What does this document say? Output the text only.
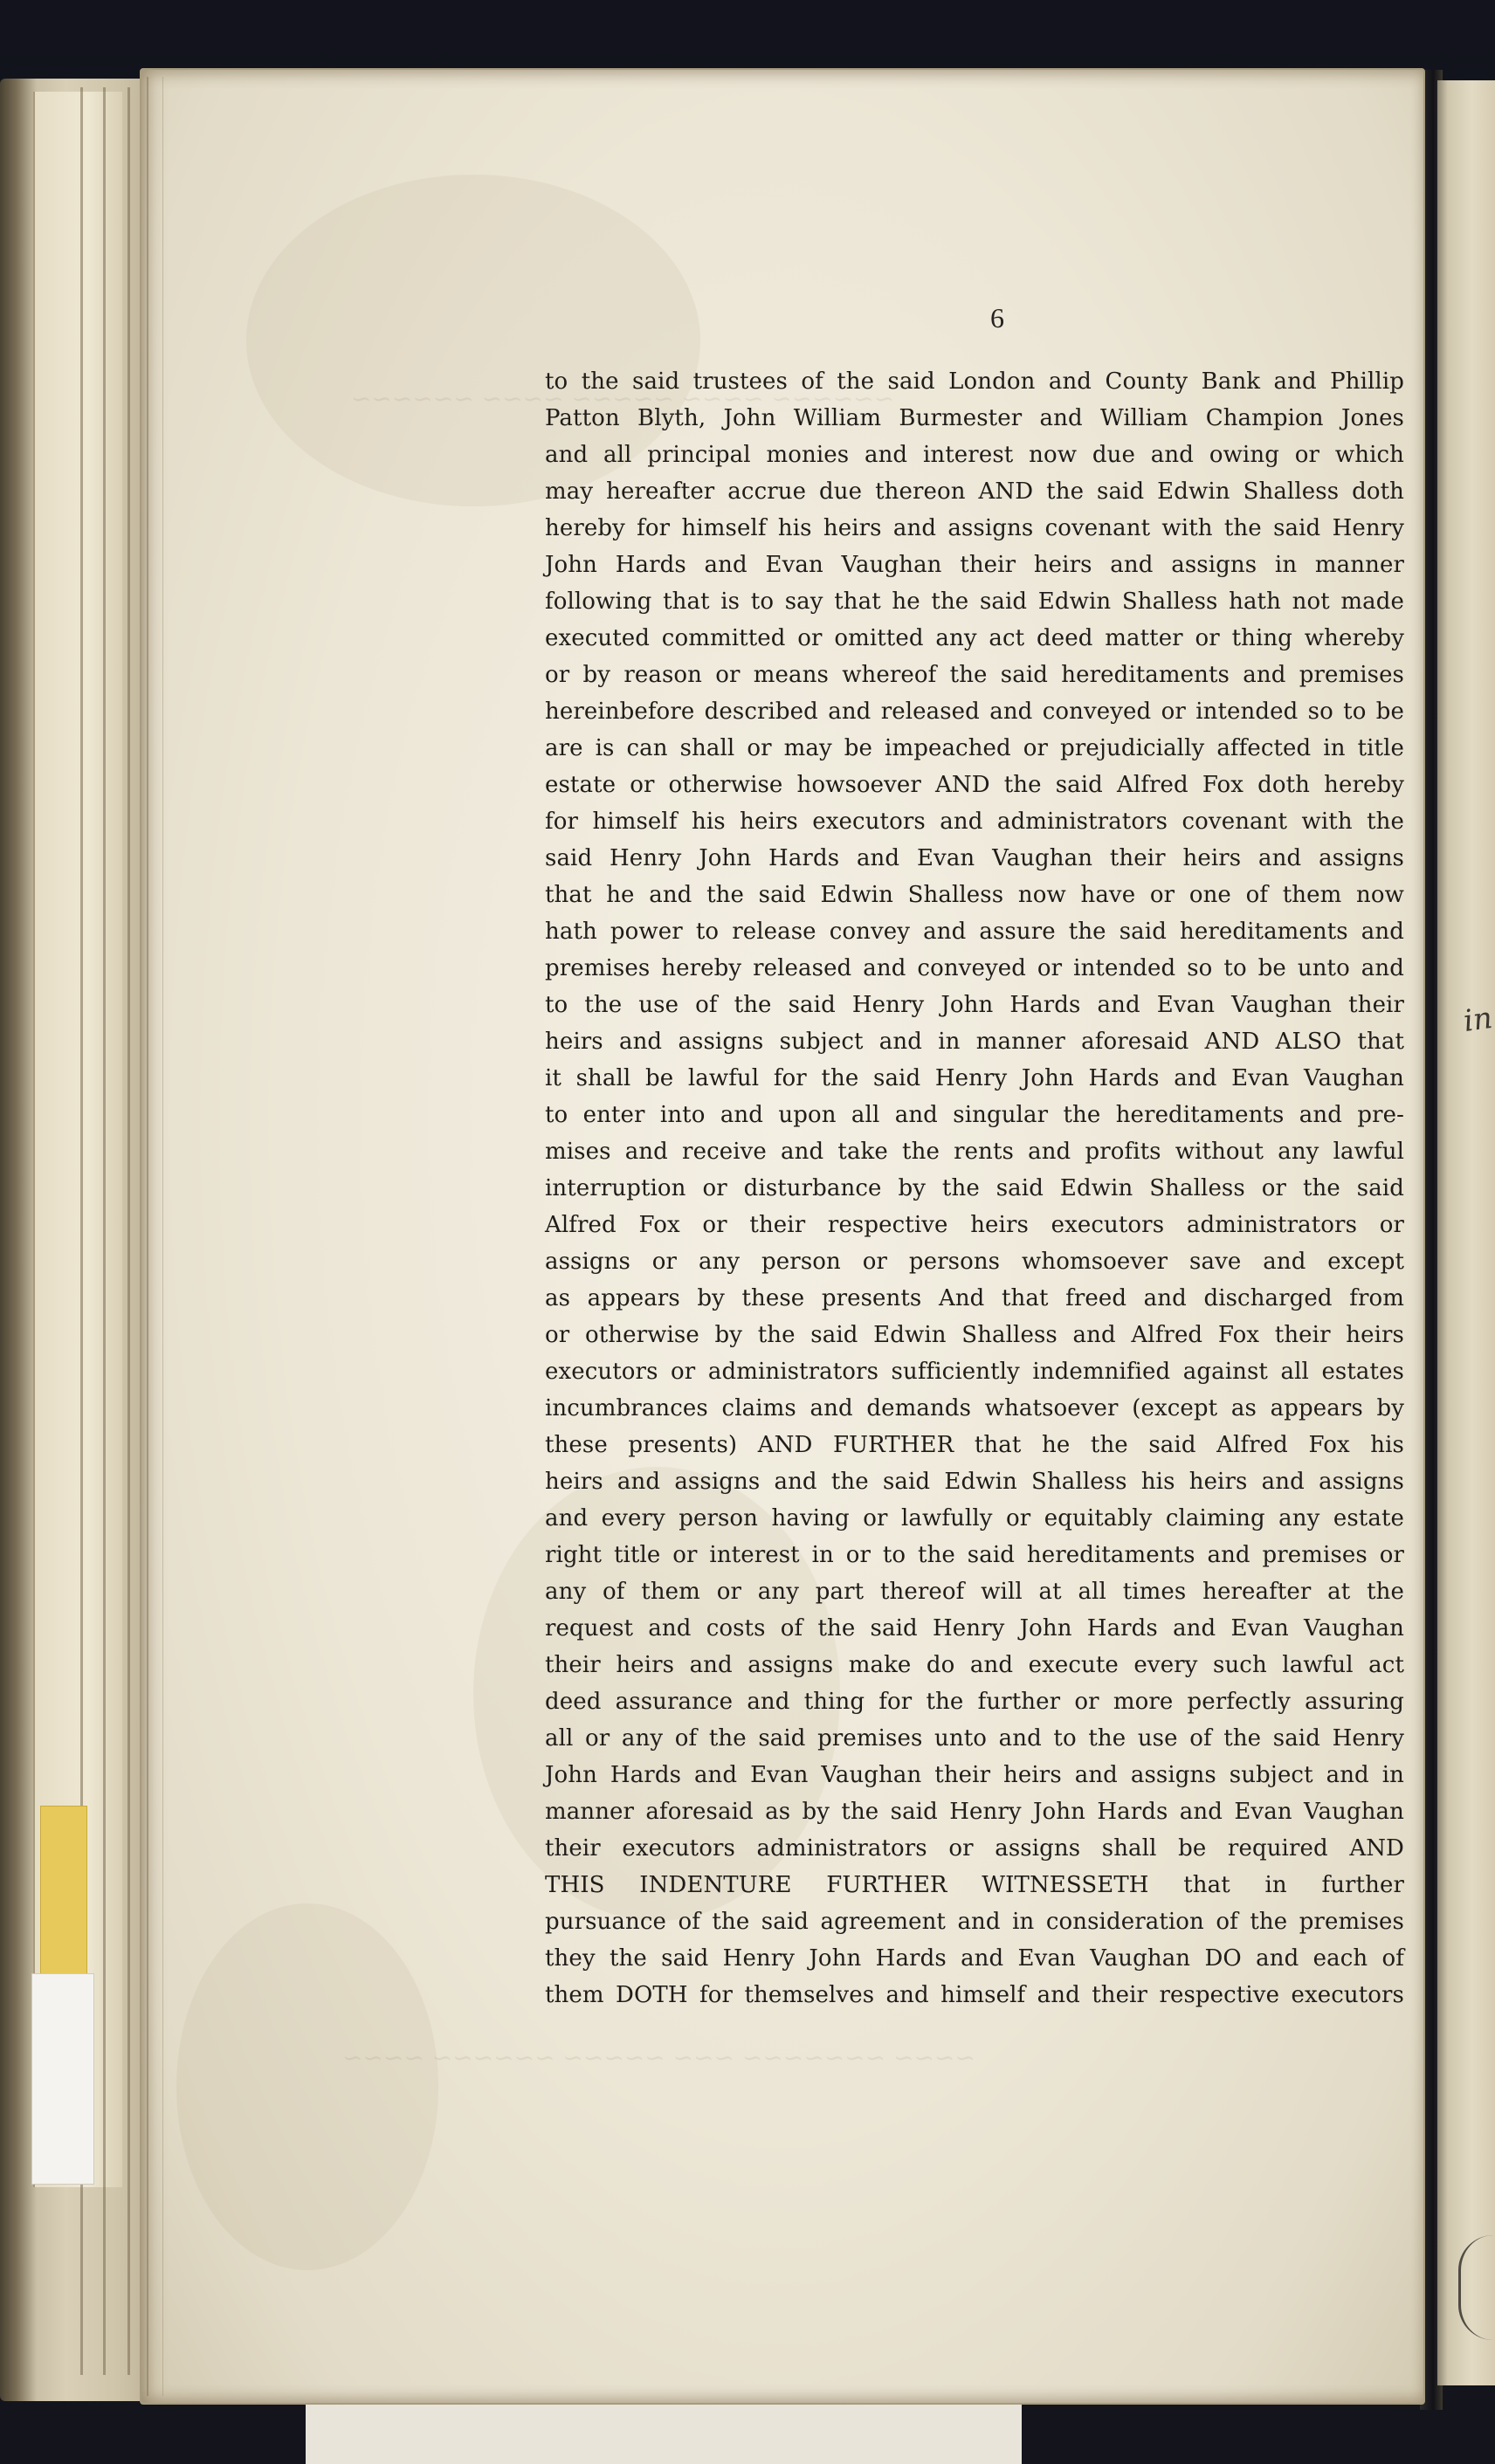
in
~~~~~~ ~~~~ ~~~~~ ~~~~ ~~~~~~
~~~~ ~~~~~~~ ~~~ ~~~~~ ~~~~~~ ~~~~
6
to the said trustees of the said London and County Bank and Phillip
Patton Blyth, John William Burmester and William Champion Jones
and all principal monies and interest now due and owing or which
may hereafter accrue due thereon AND the said Edwin Shalless doth
hereby for himself his heirs and assigns covenant with the said Henry
John Hards and Evan Vaughan their heirs and assigns in manner
following that is to say that he the said Edwin Shalless hath not made
executed committed or omitted any act deed matter or thing whereby
or by reason or means whereof the said hereditaments and premises
hereinbefore described and released and conveyed or intended so to be
are is can shall or may be impeached or prejudicially affected in title
estate or otherwise howsoever AND the said Alfred Fox doth hereby
for himself his heirs executors and administrators covenant with the
said Henry John Hards and Evan Vaughan their heirs and assigns
that he and the said Edwin Shalless now have or one of them now
hath power to release convey and assure the said hereditaments and
premises hereby released and conveyed or intended so to be unto and
to the use of the said Henry John Hards and Evan Vaughan their
heirs and assigns subject and in manner aforesaid AND ALSO that
it shall be lawful for the said Henry John Hards and Evan Vaughan
to enter into and upon all and singular the hereditaments and pre-
mises and receive and take the rents and profits without any lawful
interruption or disturbance by the said Edwin Shalless or the said
Alfred Fox or their respective heirs executors administrators or
assigns or any person or persons whomsoever save and except
as appears by these presents And that freed and discharged from
or otherwise by the said Edwin Shalless and Alfred Fox their heirs
executors or administrators sufficiently indemnified against all estates
incumbrances claims and demands whatsoever (except as appears by
these presents) AND FURTHER that he the said Alfred Fox his
heirs and assigns and the said Edwin Shalless his heirs and assigns
and every person having or lawfully or equitably claiming any estate
right title or interest in or to the said hereditaments and premises or
any of them or any part thereof will at all times hereafter at the
request and costs of the said Henry John Hards and Evan Vaughan
their heirs and assigns make do and execute every such lawful act
deed assurance and thing for the further or more perfectly assuring
all or any of the said premises unto and to the use of the said Henry
John Hards and Evan Vaughan their heirs and assigns subject and in
manner aforesaid as by the said Henry John Hards and Evan Vaughan
their executors administrators or assigns shall be required AND
THIS INDENTURE FURTHER WITNESSETH that in further
pursuance of the said agreement and in consideration of the premises
they the said Henry John Hards and Evan Vaughan DO and each of
them DOTH for themselves and himself and their respective executors
